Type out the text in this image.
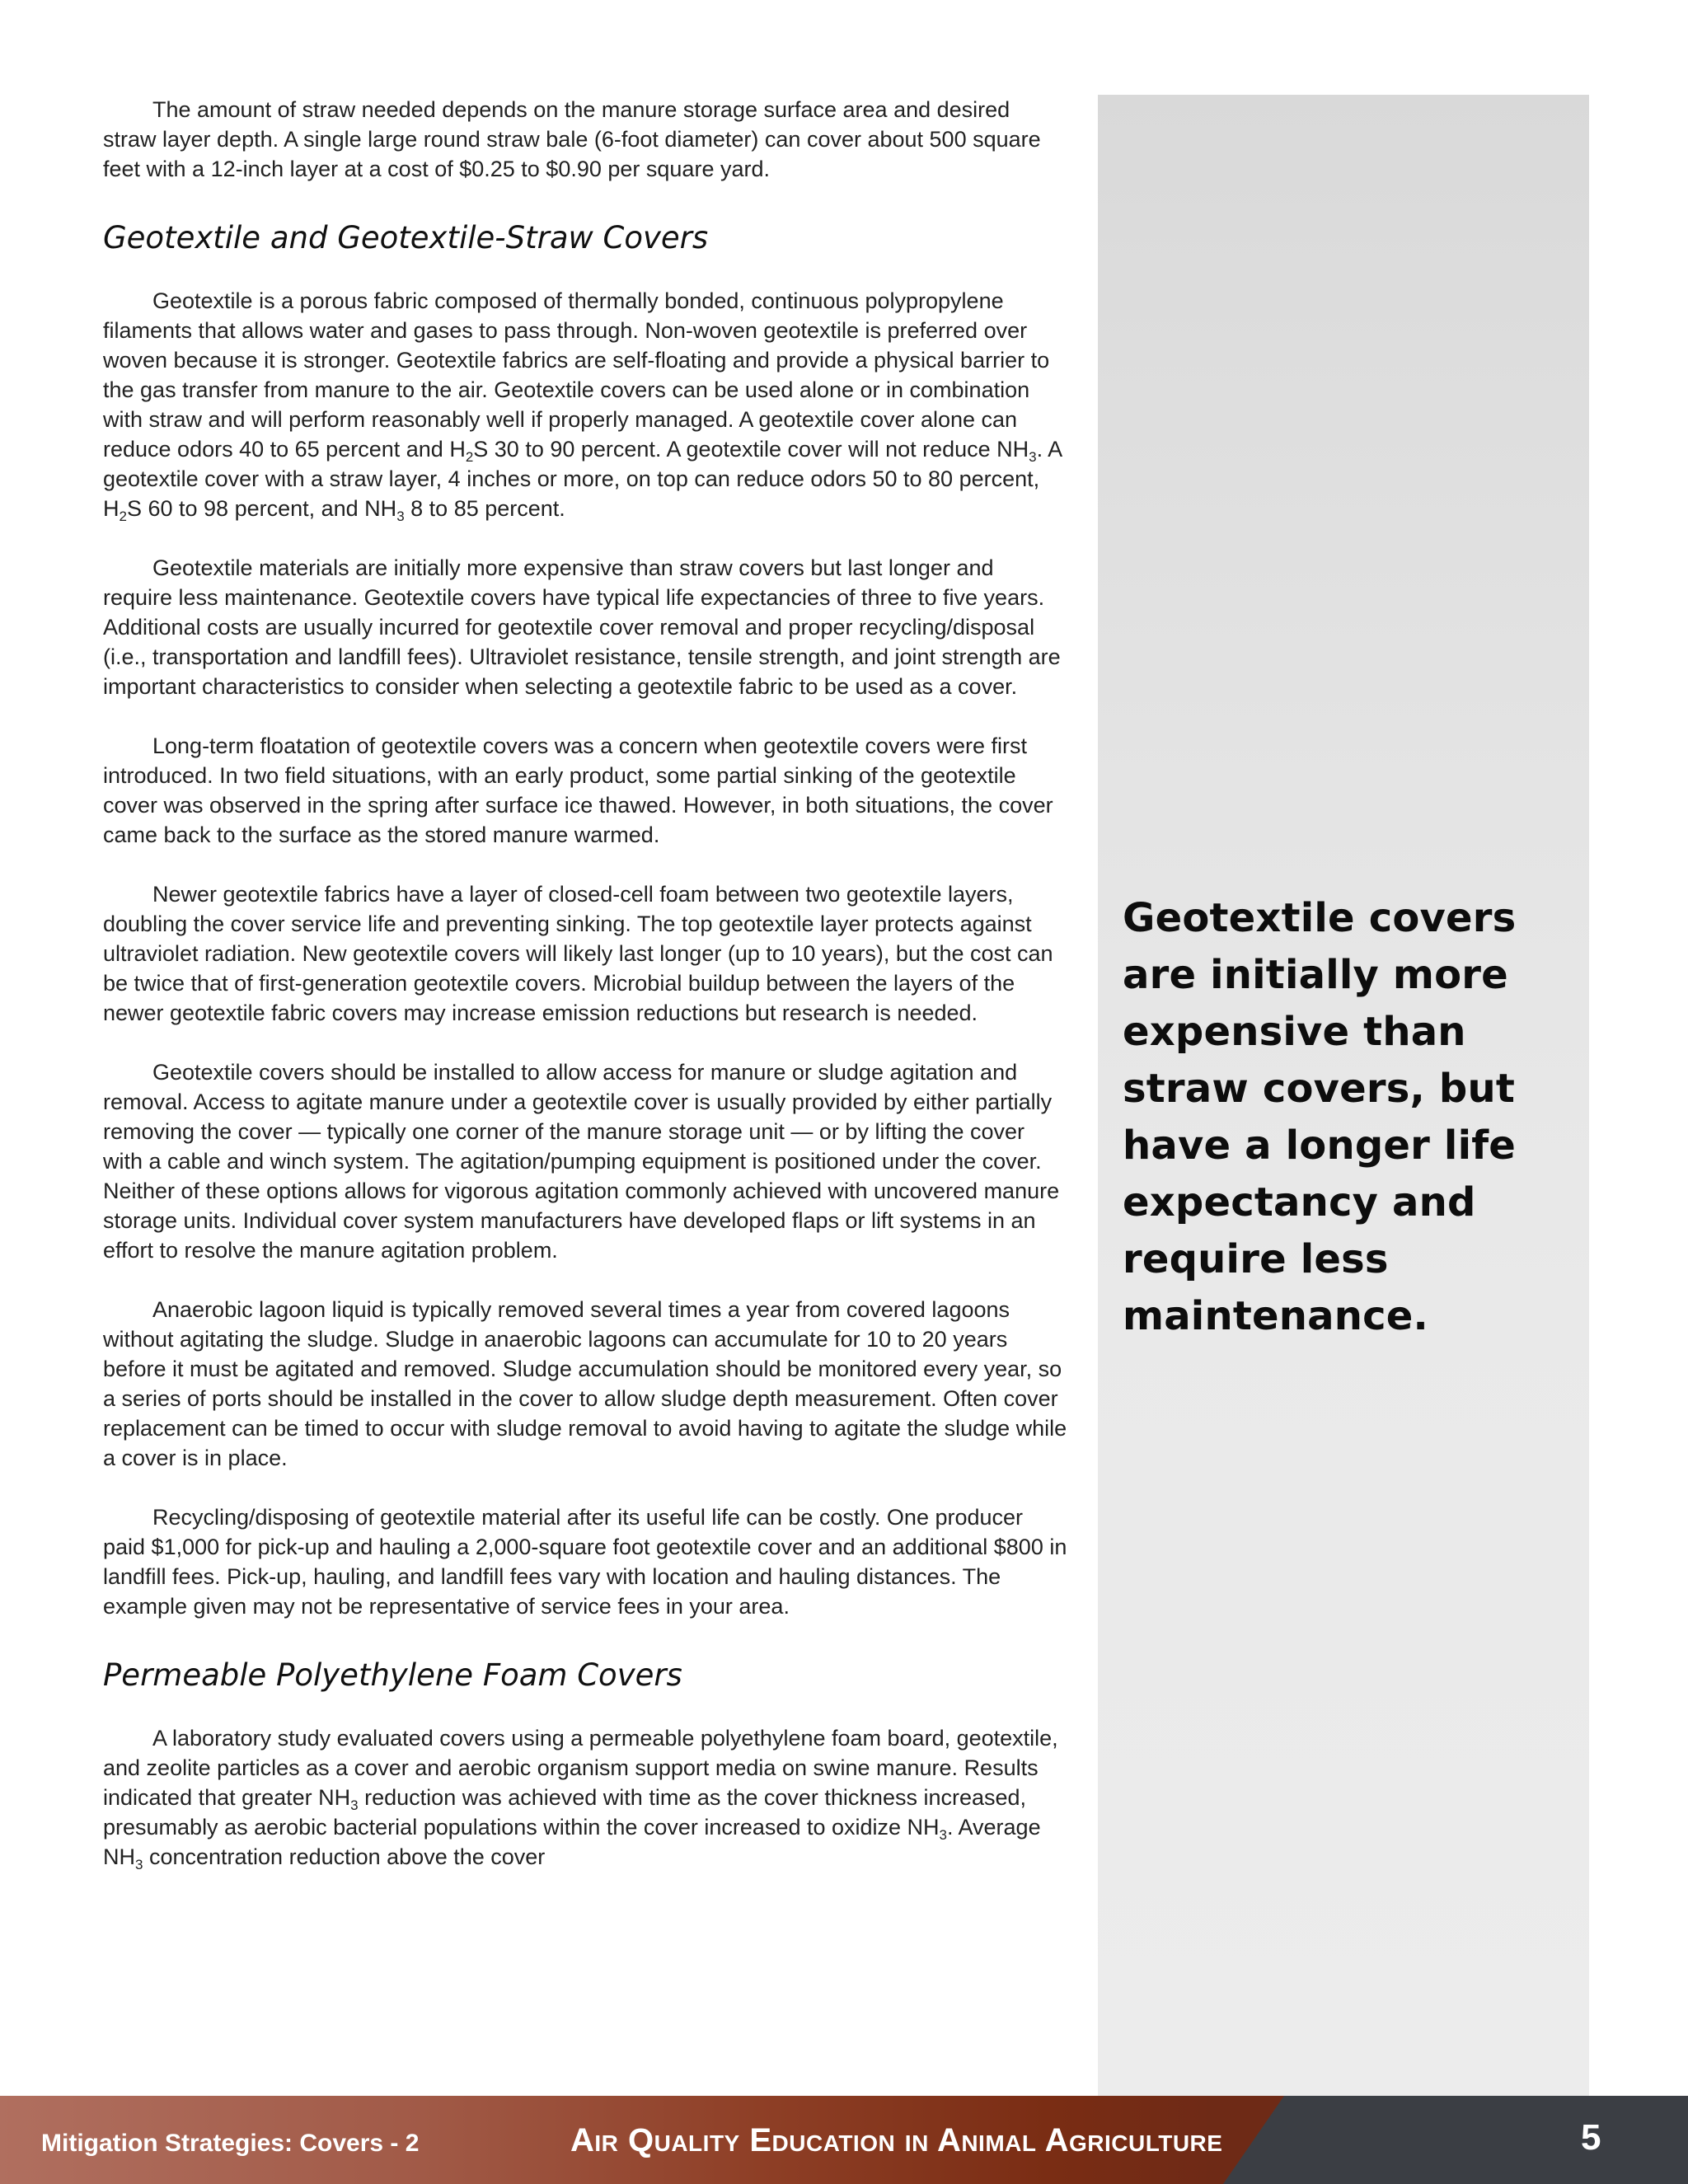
The amount of straw needed depends on the manure storage surface area and desired straw layer depth. A single large round straw bale (6-foot diameter) can cover about 500 square feet with a 12-inch layer at a cost of $0.25 to $0.90 per square yard.

Geotextile and Geotextile-Straw Covers

Geotextile is a porous fabric composed of thermally bonded, continuous polypropylene filaments that allows water and gases to pass through. Non-woven geotextile is preferred over woven because it is stronger. Geotextile fabrics are self-floating and provide a physical barrier to the gas transfer from manure to the air. Geotextile covers can be used alone or in combination with straw and will perform reasonably well if properly managed. A geotextile cover alone can reduce odors 40 to 65 percent and $H_2S$ 30 to 90 percent. A geotextile cover will not reduce $NH_3$. A geotextile cover with a straw layer, 4 inches or more, on top can reduce odors 50 to 80 percent, $H_2S$ 60 to 98 percent, and $NH_3$ 8 to 85 percent.

Geotextile materials are initially more expensive than straw covers but last longer and require less maintenance. Geotextile covers have typical life expectancies of three to five years. Additional costs are usually incurred for geotextile cover removal and proper recycling/disposal (i.e., transportation and landfill fees). Ultraviolet resistance, tensile strength, and joint strength are important characteristics to consider when selecting a geotextile fabric to be used as a cover.

Long-term floatation of geotextile covers was a concern when geotextile covers were first introduced. In two field situations, with an early product, some partial sinking of the geotextile cover was observed in the spring after surface ice thawed. However, in both situations, the cover came back to the surface as the stored manure warmed.

Newer geotextile fabrics have a layer of closed-cell foam between two geotextile layers, doubling the cover service life and preventing sinking. The top geotextile layer protects against ultraviolet radiation. New geotextile covers will likely last longer (up to 10 years), but the cost can be twice that of first-generation geotextile covers. Microbial buildup between the layers of the newer geotextile fabric covers may increase emission reductions but research is needed.

Geotextile covers should be installed to allow access for manure or sludge agitation and removal. Access to agitate manure under a geotextile cover is usually provided by either partially removing the cover — typically one corner of the manure storage unit — or by lifting the cover with a cable and winch system. The agitation/pumping equipment is positioned under the cover. Neither of these options allows for vigorous agitation commonly achieved with uncovered manure storage units. Individual cover system manufacturers have developed flaps or lift systems in an effort to resolve the manure agitation problem.

Anaerobic lagoon liquid is typically removed several times a year from covered lagoons without agitating the sludge. Sludge in anaerobic lagoons can accumulate for 10 to 20 years before it must be agitated and removed. Sludge accumulation should be monitored every year, so a series of ports should be installed in the cover to allow sludge depth measurement. Often cover replacement can be timed to occur with sludge removal to avoid having to agitate the sludge while a cover is in place.

Recycling/disposing of geotextile material after its useful life can be costly. One producer paid $1,000 for pick-up and hauling a 2,000-square foot geotextile cover and an additional $800 in landfill fees. Pick-up, hauling, and landfill fees vary with location and hauling distances. The example given may not be representative of service fees in your area.

Permeable Polyethylene Foam Covers

A laboratory study evaluated covers using a permeable polyethylene foam board, geotextile, and zeolite particles as a cover and aerobic organism support media on swine manure. Results indicated that greater $NH_3$ reduction was achieved with time as the cover thickness increased, presumably as aerobic bacterial populations within the cover increased to oxidize $NH_3$. Average $NH_3$ concentration reduction above the cover

Geotextile covers are initially more expensive than straw covers, but have a longer life expectancy and require less maintenance.
Mitigation Strategies: Covers - 2	Air Quality Education in Animal Agriculture	5
